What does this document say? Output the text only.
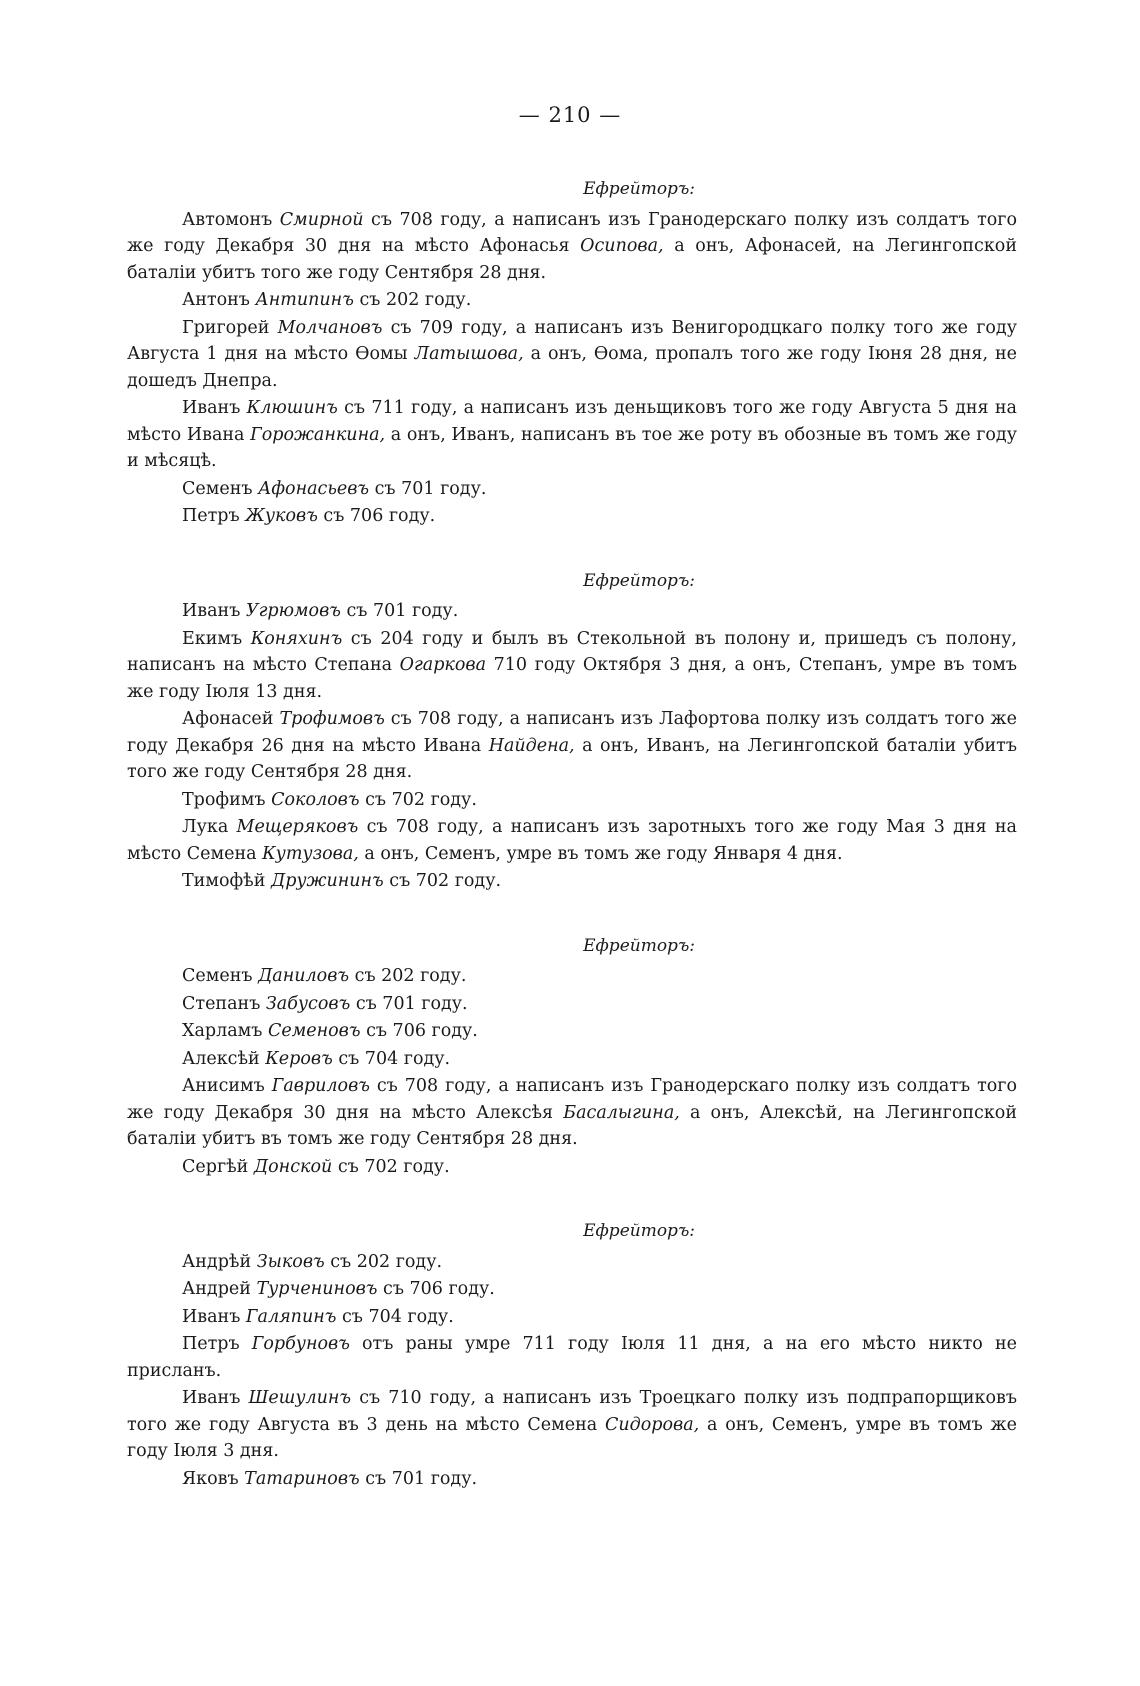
— 210 —
Ефрейторъ:

Автомонъ Смирной съ 708 году, а написанъ изъ Гранодерскаго полку изъ солдатъ того же году Декабря 30 дня на мѣсто Афонасья Осипова, а онъ, Афонасей, на Легингопской баталіи убитъ того же году Сентября 28 дня.

Антонъ Антипинъ съ 202 году.

Григорей Молчановъ съ 709 году, а написанъ изъ Венигородцкаго полку того же году Августа 1 дня на мѣсто Ѳомы Латышова, а онъ, Ѳома, пропалъ того же году Іюня 28 дня, не дошедъ Днепра.

Иванъ Клюшинъ съ 711 году, а написанъ изъ деньщиковъ того же году Августа 5 дня на мѣсто Ивана Горожанкина, а онъ, Иванъ, написанъ въ тое же роту въ обозные въ томъ же году и мѣсяцѣ.

Семенъ Афонасьевъ съ 701 году.

Петръ Жуковъ съ 706 году.

Ефрейторъ:

Иванъ Угрюмовъ съ 701 году.

Екимъ Коняхинъ съ 204 году и былъ въ Стекольной въ полону и, пришедъ съ полону, написанъ на мѣсто Степана Огаркова 710 году Октября 3 дня, а онъ, Степанъ, умре въ томъ же году Іюля 13 дня.

Афонасей Трофимовъ съ 708 году, а написанъ изъ Лафортова полку изъ солдатъ того же году Декабря 26 дня на мѣсто Ивана Найдена, а онъ, Иванъ, на Легингопской баталіи убитъ того же году Сентября 28 дня.

Трофимъ Соколовъ съ 702 году.

Лука Мещеряковъ съ 708 году, а написанъ изъ заротныхъ того же году Мая 3 дня на мѣсто Семена Кутузова, а онъ, Семенъ, умре въ томъ же году Января 4 дня.

Тимофѣй Дружининъ съ 702 году.

Ефрейторъ:

Семенъ Даниловъ съ 202 году.

Степанъ Забусовъ съ 701 году.

Харламъ Семеновъ съ 706 году.

Алексѣй Керовъ съ 704 году.

Анисимъ Гавриловъ съ 708 году, а написанъ изъ Гранодерскаго полку изъ солдатъ того же году Декабря 30 дня на мѣсто Алексѣя Басалыгина, а онъ, Алексѣй, на Легингопской баталіи убитъ въ томъ же году Сентября 28 дня.

Сергѣй Донской съ 702 году.

Ефрейторъ:

Андрѣй Зыковъ съ 202 году.

Андрей Турчениновъ съ 706 году.

Иванъ Галяпинъ съ 704 году.

Петръ Горбуновъ отъ раны умре 711 году Іюля 11 дня, а на его мѣсто никто не присланъ.

Иванъ Шешулинъ съ 710 году, а написанъ изъ Троецкаго полку изъ подпрапорщиковъ того же году Августа въ 3 день на мѣсто Семена Сидорова, а онъ, Семенъ, умре въ томъ же году Іюля 3 дня.

Яковъ Татариновъ съ 701 году.
